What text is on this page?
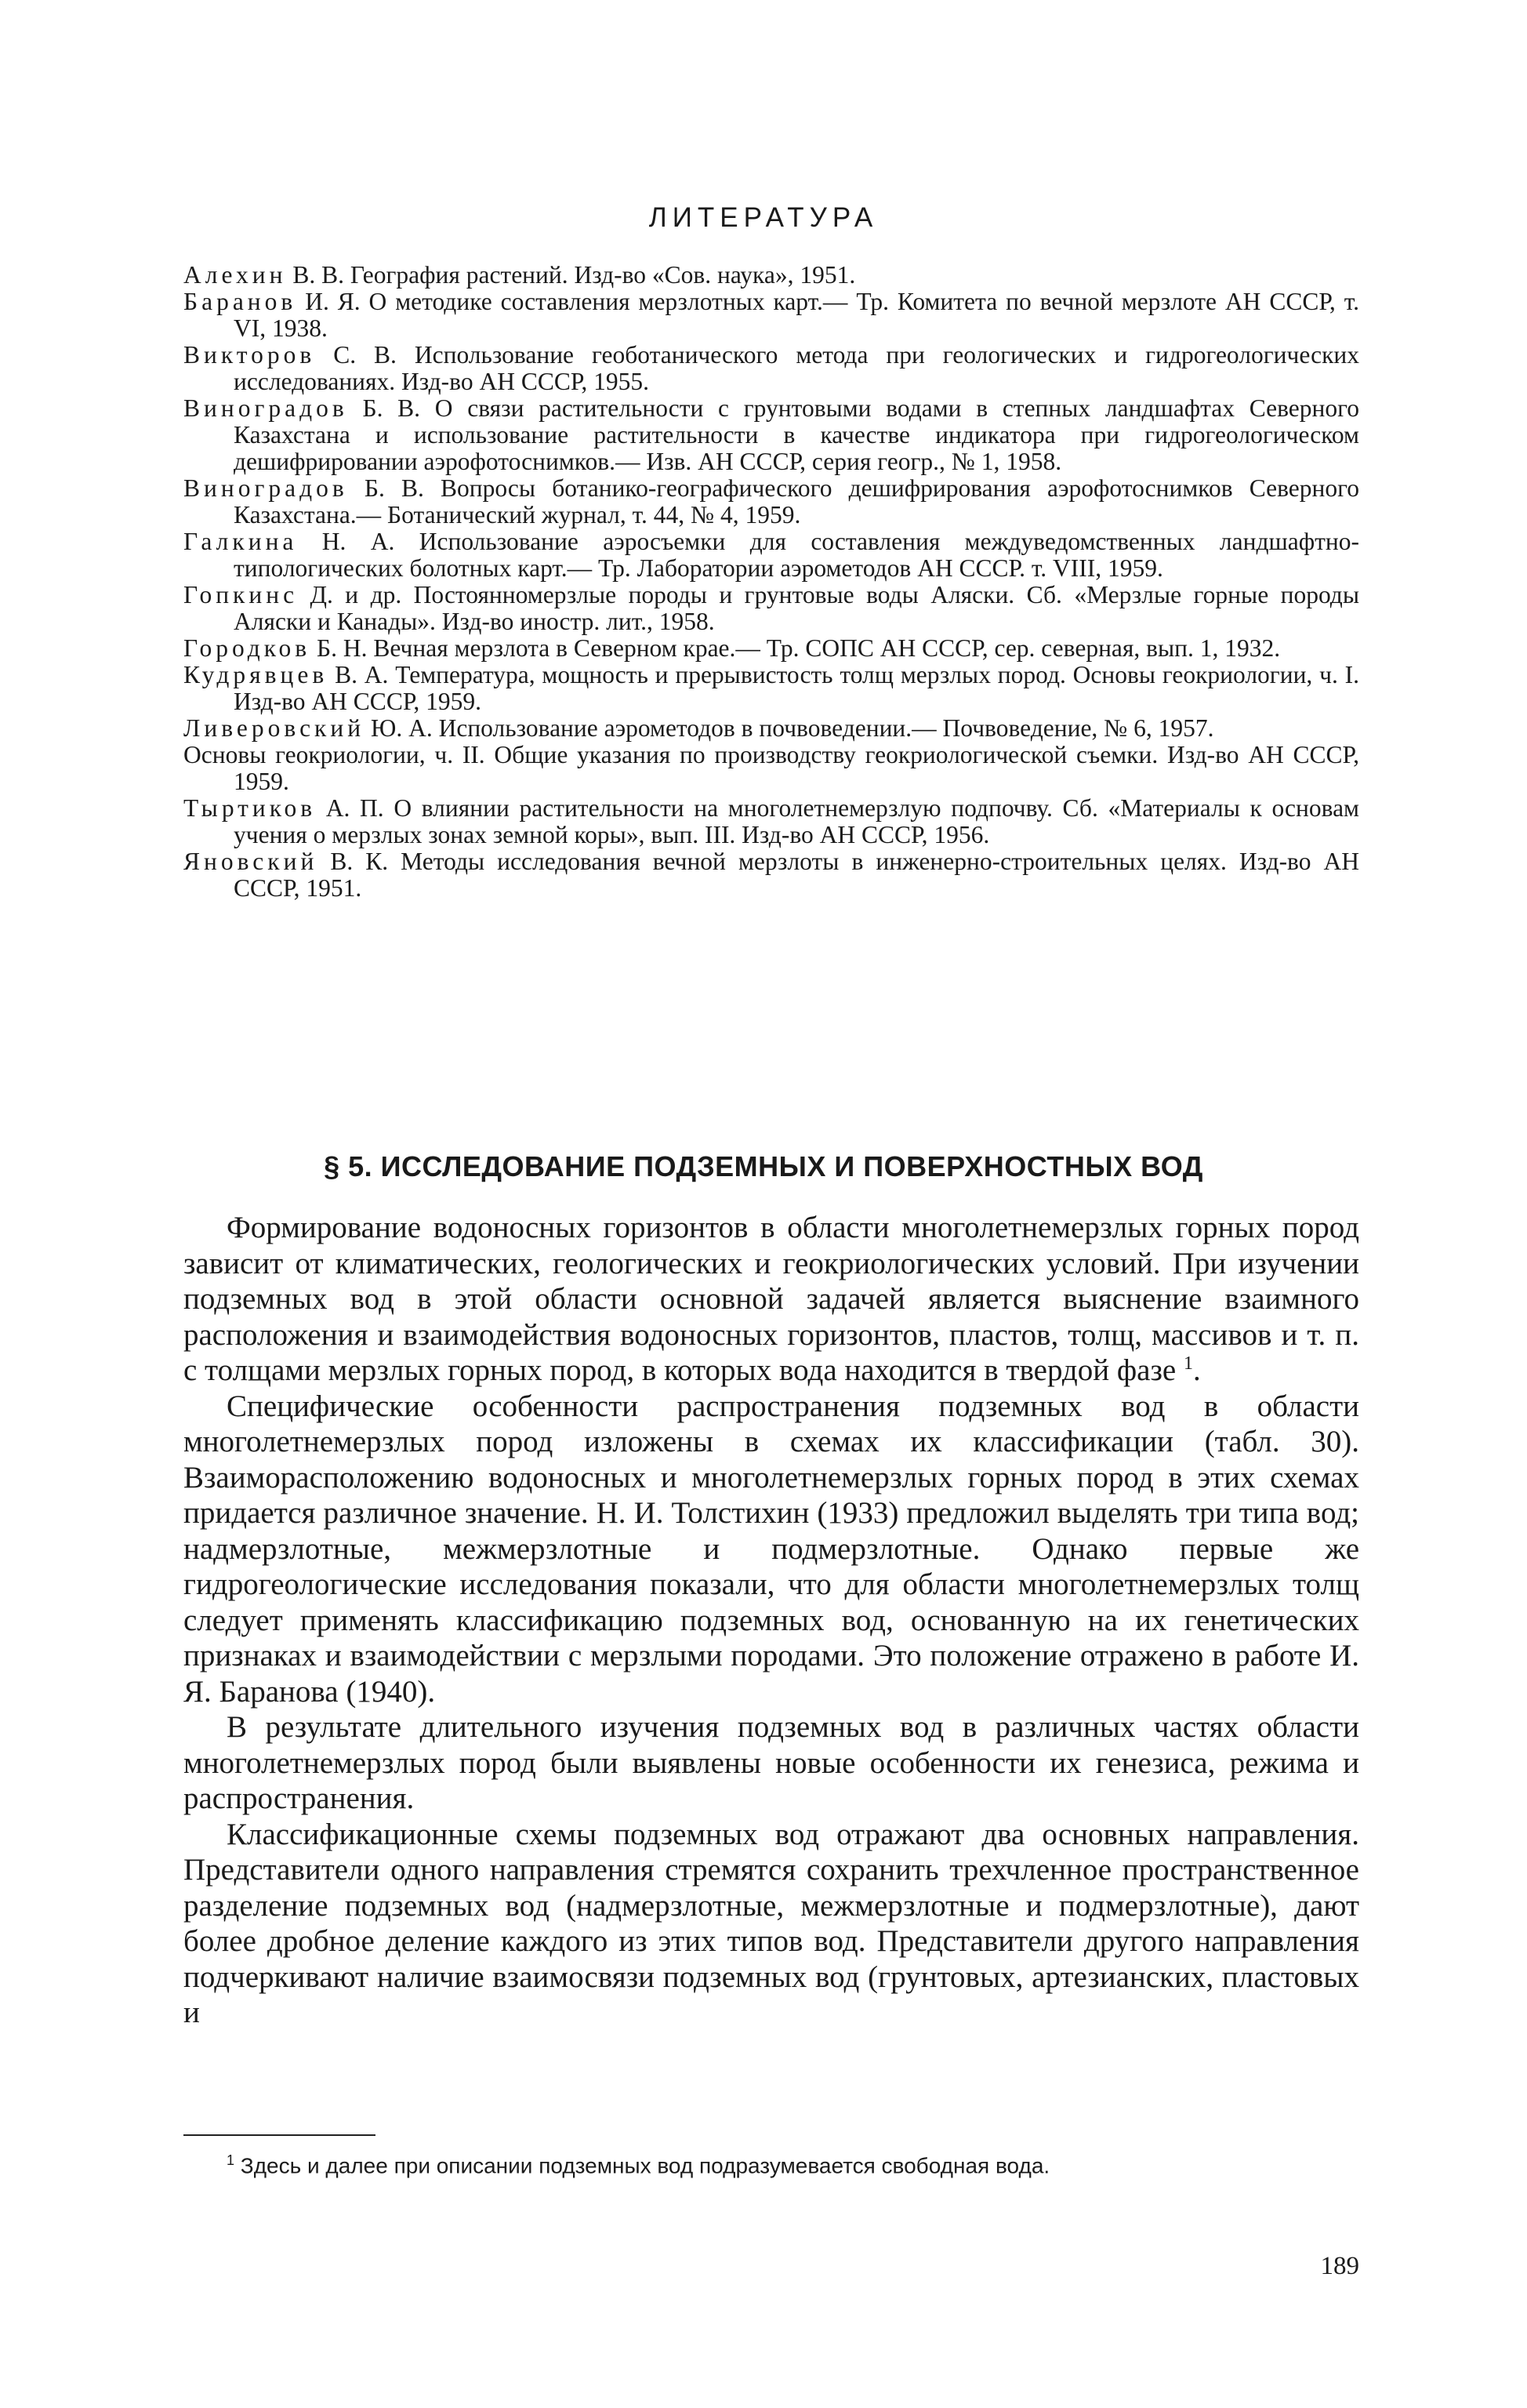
ЛИТЕРАТУРА

Алехин В. В. География растений. Изд-во «Сов. наука», 1951.

Баранов И. Я. О методике составления мерзлотных карт.— Тр. Комитета по вечной мерзлоте АН СССР, т. VI, 1938.

Викторов С. В. Использование геоботанического метода при геологических и гидрогеологических исследованиях. Изд-во АН СССР, 1955.

Виноградов Б. В. О связи растительности с грунтовыми водами в степных ландшафтах Северного Казахстана и использование растительности в качестве индикатора при гидрогеологическом дешифрировании аэрофотоснимков.— Изв. АН СССР, серия геогр., № 1, 1958.

Виноградов Б. В. Вопросы ботанико-географического дешифрирования аэрофотоснимков Северного Казахстана.— Ботанический журнал, т. 44, № 4, 1959.

Галкина Н. А. Использование аэросъемки для составления междуведомственных ландшафтно-типологических болотных карт.— Тр. Лаборатории аэрометодов АН СССР. т. VIII, 1959.

Гопкинс Д. и др. Постоянномерзлые породы и грунтовые воды Аляски. Сб. «Мерзлые горные породы Аляски и Канады». Изд-во иностр. лит., 1958.

Городков Б. Н. Вечная мерзлота в Северном крае.— Тр. СОПС АН СССР, сер. северная, вып. 1, 1932.

Кудрявцев В. А. Температура, мощность и прерывистость толщ мерзлых пород. Основы геокриологии, ч. I. Изд-во АН СССР, 1959.

Ливеровский Ю. А. Использование аэрометодов в почвоведении.— Почвоведение, № 6, 1957.

Основы геокриологии, ч. II. Общие указания по производству геокриологической съемки. Изд-во АН СССР, 1959.

Тыртиков А. П. О влиянии растительности на многолетнемерзлую подпочву. Сб. «Материалы к основам учения о мерзлых зонах земной коры», вып. III. Изд-во АН СССР, 1956.

Яновский В. К. Методы исследования вечной мерзлоты в инженерно-строительных целях. Изд-во АН СССР, 1951.

§ 5. ИССЛЕДОВАНИЕ ПОДЗЕМНЫХ И ПОВЕРХНОСТНЫХ ВОД

Формирование водоносных горизонтов в области многолетнемерзлых горных пород зависит от климатических, геологических и геокриологических условий. При изучении подземных вод в этой области основной задачей является выяснение взаимного расположения и взаимодействия водоносных горизонтов, пластов, толщ, массивов и т. п. с толщами мерзлых горных пород, в которых вода находится в твердой фазе $^1$.

Специфические особенности распространения подземных вод в области многолетнемерзлых пород изложены в схемах их классификации (табл. 30). Взаиморасположению водоносных и многолетнемерзлых горных пород в этих схемах придается различное значение. Н. И. Толстихин (1933) предложил выделять три типа вод; надмерзлотные, межмерзлотные и подмерзлотные. Однако первые же гидрогеологические исследования показали, что для области многолетнемерзлых толщ следует применять классификацию подземных вод, основанную на их генетических признаках и взаимодействии с мерзлыми породами. Это положение отражено в работе И. Я. Баранова (1940).

В результате длительного изучения подземных вод в различных частях области многолетнемерзлых пород были выявлены новые особенности их генезиса, режима и распространения.

Классификационные схемы подземных вод отражают два основных направления. Представители одного направления стремятся сохранить трехчленное пространственное разделение подземных вод (надмерзлотные, межмерзлотные и подмерзлотные), дают более дробное деление каждого из этих типов вод. Представители другого направления подчеркивают наличие взаимосвязи подземных вод (грунтовых, артезианских, пластовых и

$^1$ Здесь и далее при описании подземных вод подразумевается свободная вода.
189
